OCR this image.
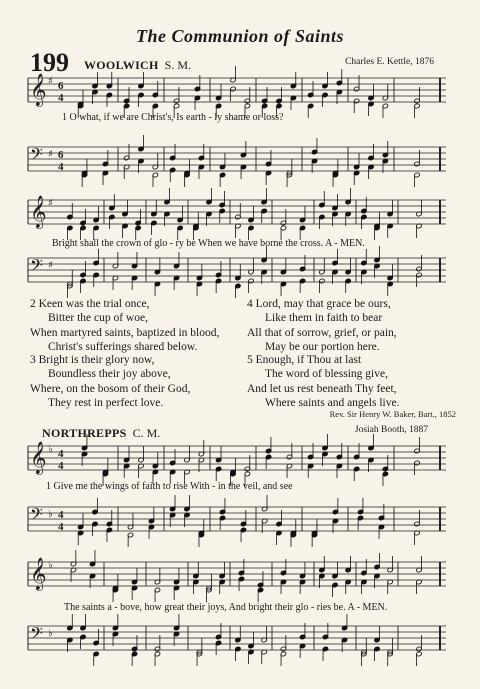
The Communion of Saints
199 WOOLWICH S. M.	Charles E. Kettle, 1876
𝄞 ♯ 6
4
1 O what, if we are Christ's, Is earth - ly shame or loss?
𝄢 ♯ 6
4
𝄞 ♯
Bright shall the crown of glo - ry be When we have borne the cross. A - MEN.
𝄢 ♯
2 Keen was the trial once,
Bitter the cup of woe,
When martyred saints, baptized in blood,
Christ's sufferings shared below.
3 Bright is their glory now,
Boundless their joy above,
Where, on the bosom of their God,
They rest in perfect love.
4 Lord, may that grace be ours,
Like them in faith to bear
All that of sorrow, grief, or pain,
May be our portion here.
5 Enough, if Thou at last
The word of blessing give,
And let us rest beneath Thy feet,
Where saints and angels live.
Rev. Sir Henry W. Baker, Bart., 1852
NORTHREPPS C. M.	Josiah Booth, 1887
𝄞 ♭ 4
4
1 Give me the wings of faith to rise With - in the veil, and see
𝄢 ♭ 4
4
𝄞 ♭
The saints a - bove, how great their joys, And bright their glo - ries be. A - MEN.
𝄢 ♭
